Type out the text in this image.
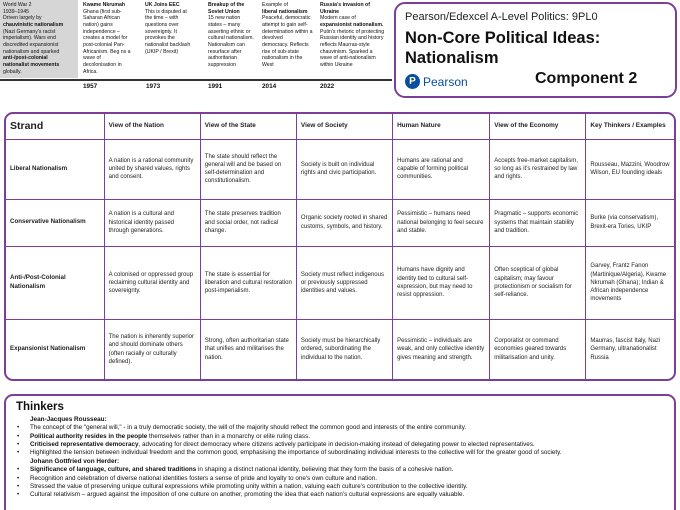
World War 2
1939–1945
Driven largely by
chauvinistic nationalism
(Nazi Germany's racist
imperialism). Wars end
discredited expansionist
nationalism and sparked
anti-/post-colonial
nationalist movements
globally.
Kwame Nkrumah
Ghana (first sub-
Saharan African
nation) gains
independence –
creates a model for
post-colonial Pan-
Africanism. Beg ns a
wave of
decolonisation in
Africa.
UK Joins EEC
This is disputed at
the time – with
questions over
sovereignty. It
provokes the
nationalist backlash
(UKIP / Brexit)
Breakup of the
Soviet Union
15 new nation
states – many
asserting ethnic or
cultural nationalism.
Nationalism can
resurface after
authoritarian
suppression
Example of
liberal nationalism
Peaceful, democratic
attempt to gain self-
determination within a
devolved
democracy. Reflects
rise of sub-state
nationalism in the
West
Russia's invasion of
Ukraine
Modern case of
expansionist nationalism.
Putin's rhetoric of protecting
Russian identity and history
reflects Maurras-style
chauvinism. Sparked a
wave of anti-nationalism
within Ukraine
1957	1973	1991	2014	2022
Pearson/Edexcel A-Level Politics: 9PL0
Non-Core Political Ideas:
Nationalism
P Pearson	Component 2
Strand	View of the Nation	View of the State	View of Society	Human Nature	View of the Economy	Key Thinkers / Examples
Liberal Nationalism	A nation is a rational community united by shared values, rights and consent.	The state should reflect the general will and be based on self-determination and constitutionalism.	Society is built on individual rights and civic participation.	Humans are rational and capable of forming political communities.	Accepts free-market capitalism, so long as it's restrained by law and rights.	Rousseau, Mazzini, Woodrow Wilson, EU founding ideals
Conservative Nationalism	A nation is a cultural and historical identity passed through generations.	The state preserves tradition and social order, not radical change.	Organic society rooted in shared customs, symbols, and history.	Pessimistic – humans need national belonging to feel secure and stable.	Pragmatic – supports economic systems that maintain stability and tradition.	Burke (via conservatism), Brexit-era Tories, UKIP
Anti-/Post-Colonial Nationalism	A colonised or oppressed group reclaiming cultural identity and sovereignty.	The state is essential for liberation and cultural restoration post-imperialism.	Society must reflect indigenous or previously suppressed identities and values.	Humans have dignity and identity tied to cultural self-expression, but may need to resist oppression.	Often sceptical of global capitalism; may favour protectionism or socialism for self-reliance.	Garvey, Frantz Fanon (Martinique/Algeria), Kwame Nkrumah (Ghana); Indian & African independence movements
Expansionist Nationalism	The nation is inherently superior and should dominate others (often racially or culturally defined).	Strong, often authoritarian state that unifies and militarises the nation.	Society must be hierarchically ordered, subordinating the individual to the nation.	Pessimistic – individuals are weak, and only collective identity gives meaning and strength.	Corporatist or command economies geared towards militarisation and unity.	Maurras, fascist Italy, Nazi Germany, ultranationalist Russia
Thinkers
Jean-Jacques Rousseau:
• The concept of the "general will," - in a truly democratic society, the will of the majority should reflect the common good and interests of the entire community.
• Political authority resides in the people themselves rather than in a monarchy or elite ruling class.
• Criticised representative democracy, advocating for direct democracy where citizens actively participate in decision-making instead of delegating power to elected representatives.
• Highlighted the tension between individual freedom and the common good, emphasising the importance of subordinating individual interests to the collective will for the greater good of society.
Johann Gottfried von Herder:
• Significance of language, culture, and shared traditions in shaping a distinct national identity, believing that they form the basis of a cohesive nation.
• Recognition and celebration of diverse national identities fosters a sense of pride and loyalty to one's own culture and nation.
• Stressed the value of preserving unique cultural expressions while promoting unity within a nation, valuing each culture's contribution to the collective identity.
• Cultural relativism – argued against the imposition of one culture on another, promoting the idea that each nation's cultural expressions are equally valuable.
